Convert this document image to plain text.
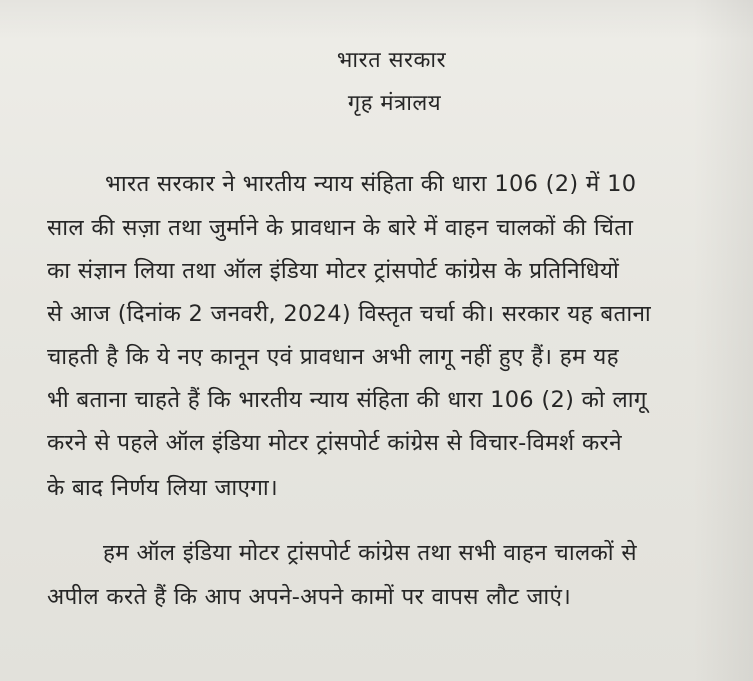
भारत सरकार
गृह मंत्रालय
भारत सरकार ने भारतीय न्याय संहिता की धारा 106 (2) में 10
साल की सज़ा तथा जुर्माने के प्रावधान के बारे में वाहन चालकों की चिंता
का संज्ञान लिया तथा ऑल इंडिया मोटर ट्रांसपोर्ट कांग्रेस के प्रतिनिधियों
से आज (दिनांक 2 जनवरी, 2024) विस्तृत चर्चा की। सरकार यह बताना
चाहती है कि ये नए कानून एवं प्रावधान अभी लागू नहीं हुए हैं। हम यह
भी बताना चाहते हैं कि भारतीय न्याय संहिता की धारा 106 (2) को लागू
करने से पहले ऑल इंडिया मोटर ट्रांसपोर्ट कांग्रेस से विचार-विमर्श करने
के बाद निर्णय लिया जाएगा।
हम ऑल इंडिया मोटर ट्रांसपोर्ट कांग्रेस तथा सभी वाहन चालकों से
अपील करते हैं कि आप अपने-अपने कामों पर वापस लौट जाएं।
